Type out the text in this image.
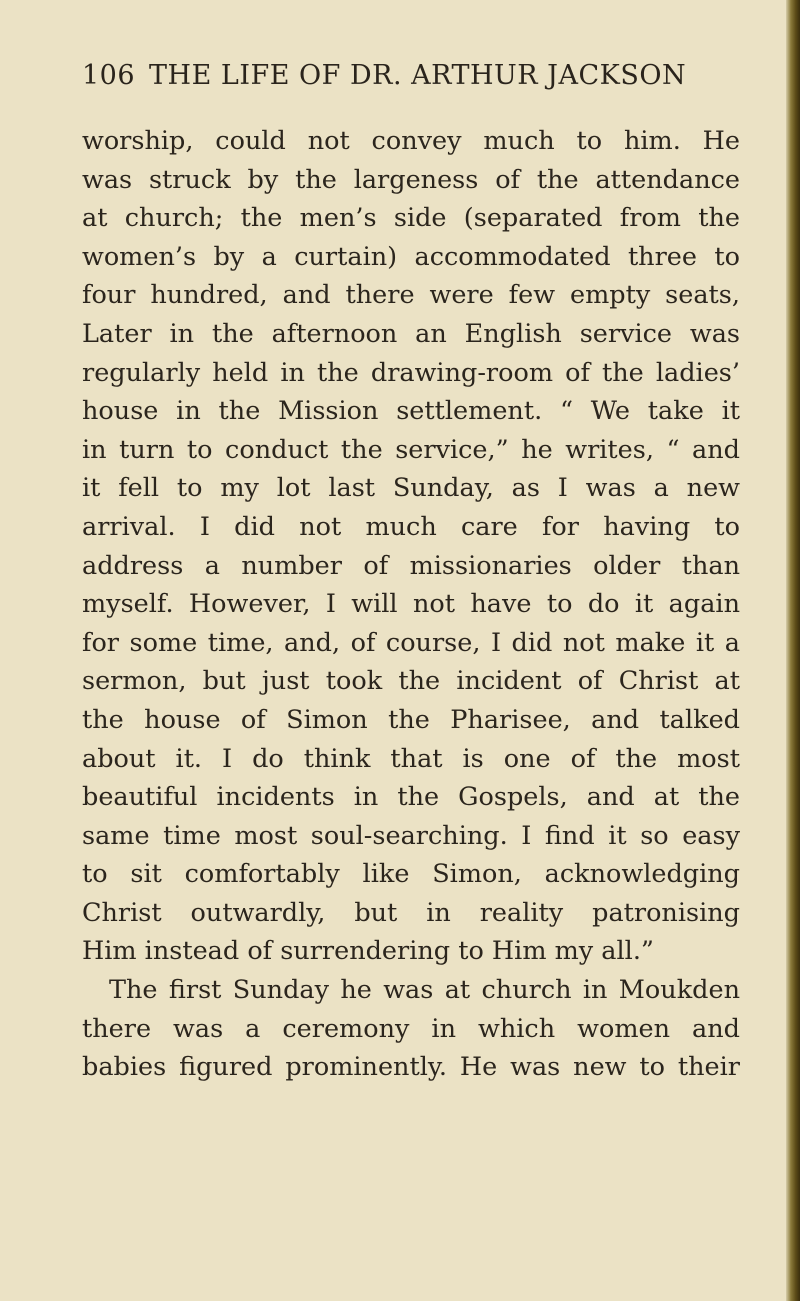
106 THE LIFE OF DR. ARTHUR JACKSON
worship, could not convey much to him. He
was struck by the largeness of the attendance
at church; the men’s side (separated from the
women’s by a curtain) accommodated three to
four hundred, and there were few empty seats,
Later in the afternoon an English service was
regularly held in the drawing-room of the ladies’
house in the Mission settlement. “ We take it
in turn to conduct the service,” he writes, “ and
it fell to my lot last Sunday, as I was a new
arrival. I did not much care for having to
address a number of missionaries older than
myself. However, I will not have to do it again
for some time, and, of course, I did not make it a
sermon, but just took the incident of Christ at
the house of Simon the Pharisee, and talked
about it. I do think that is one of the most
beautiful incidents in the Gospels, and at the
same time most soul-searching. I find it so easy
to sit comfortably like Simon, acknowledging
Christ outwardly, but in reality patronising
Him instead of surrendering to Him my all.”
The first Sunday he was at church in Moukden
there was a ceremony in which women and
babies figured prominently. He was new to their
